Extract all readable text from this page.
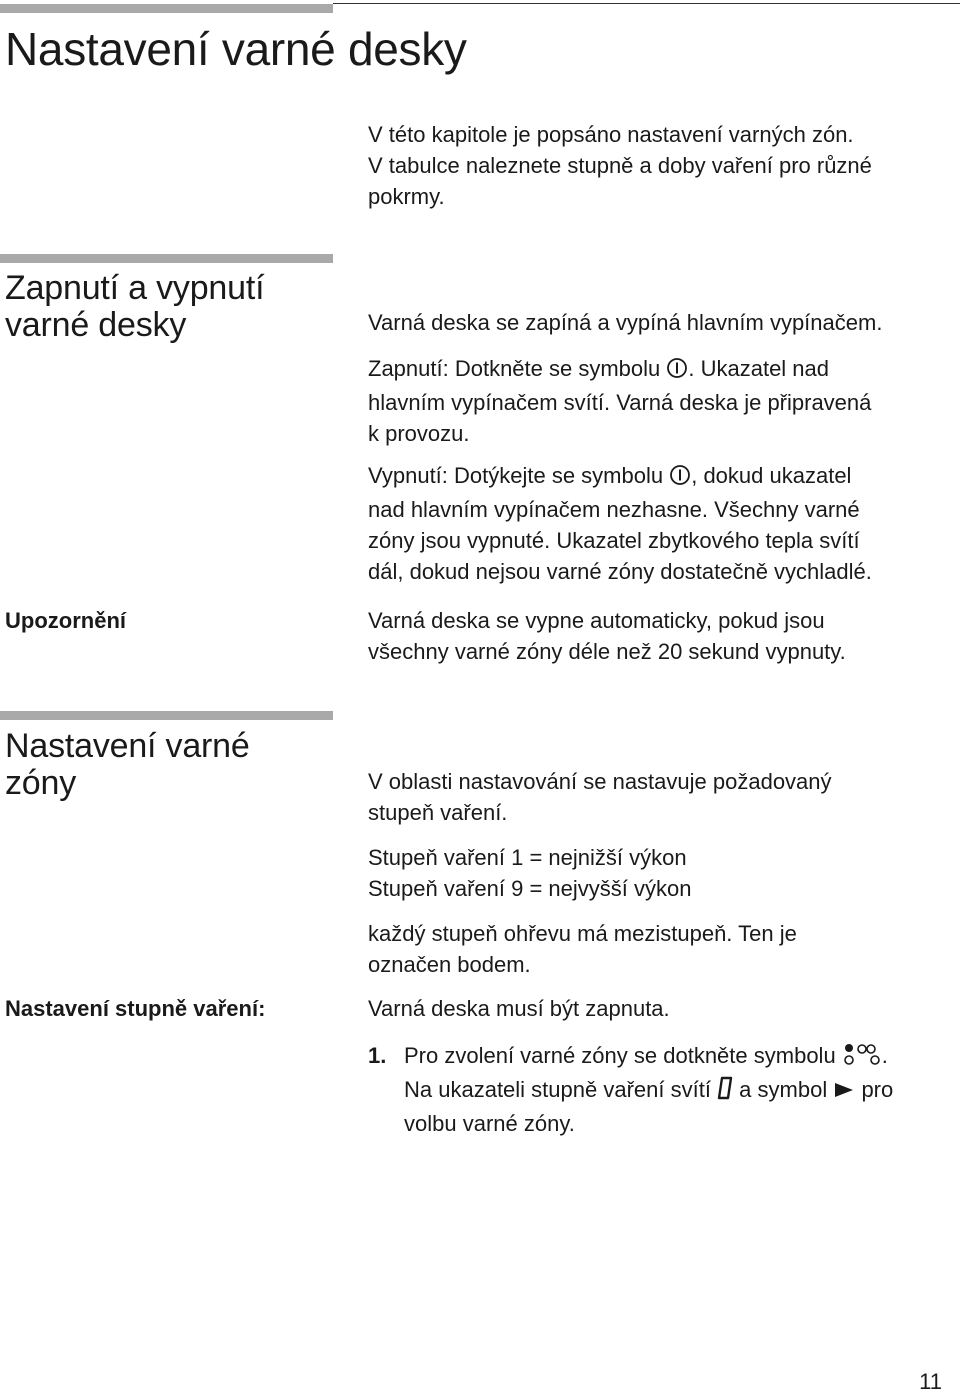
Nastavení varné desky

V této kapitole je popsáno nastavení varných zón.
V tabulce naleznete stupně a doby vaření pro různé
pokrmy.

Zapnutí a vypnutí
varné desky	Varná deska se zapíná a vypíná hlavním vypínačem.

Zapnutí: Dotkněte se symbolu . Ukazatel nad
hlavním vypínačem svítí. Varná deska je připravená
k provozu.

Vypnutí: Dotýkejte se symbolu , dokud ukazatel
nad hlavním vypínačem nezhasne. Všechny varné
zóny jsou vypnuté. Ukazatel zbytkového tepla svítí
dál, dokud nejsou varné zóny dostatečně vychladlé.

Upozornění	Varná deska se vypne automaticky, pokud jsou
všechny varné zóny déle než 20 sekund vypnuty.

Nastavení varné
zóny	V oblasti nastavování se nastavuje požadovaný
stupeň vaření.

Stupeň vaření 1 = nejnižší výkon
Stupeň vaření 9 = nejvyšší výkon

každý stupeň ohřevu má mezistupeň. Ten je
označen bodem.

Nastavení stupně vaření:	Varná deska musí být zapnuta.

1. Pro zvolení varné zóny se dotkněte symbolu .
Na ukazateli stupně vaření svítí  a symbol  pro
volbu varné zóny.
11
